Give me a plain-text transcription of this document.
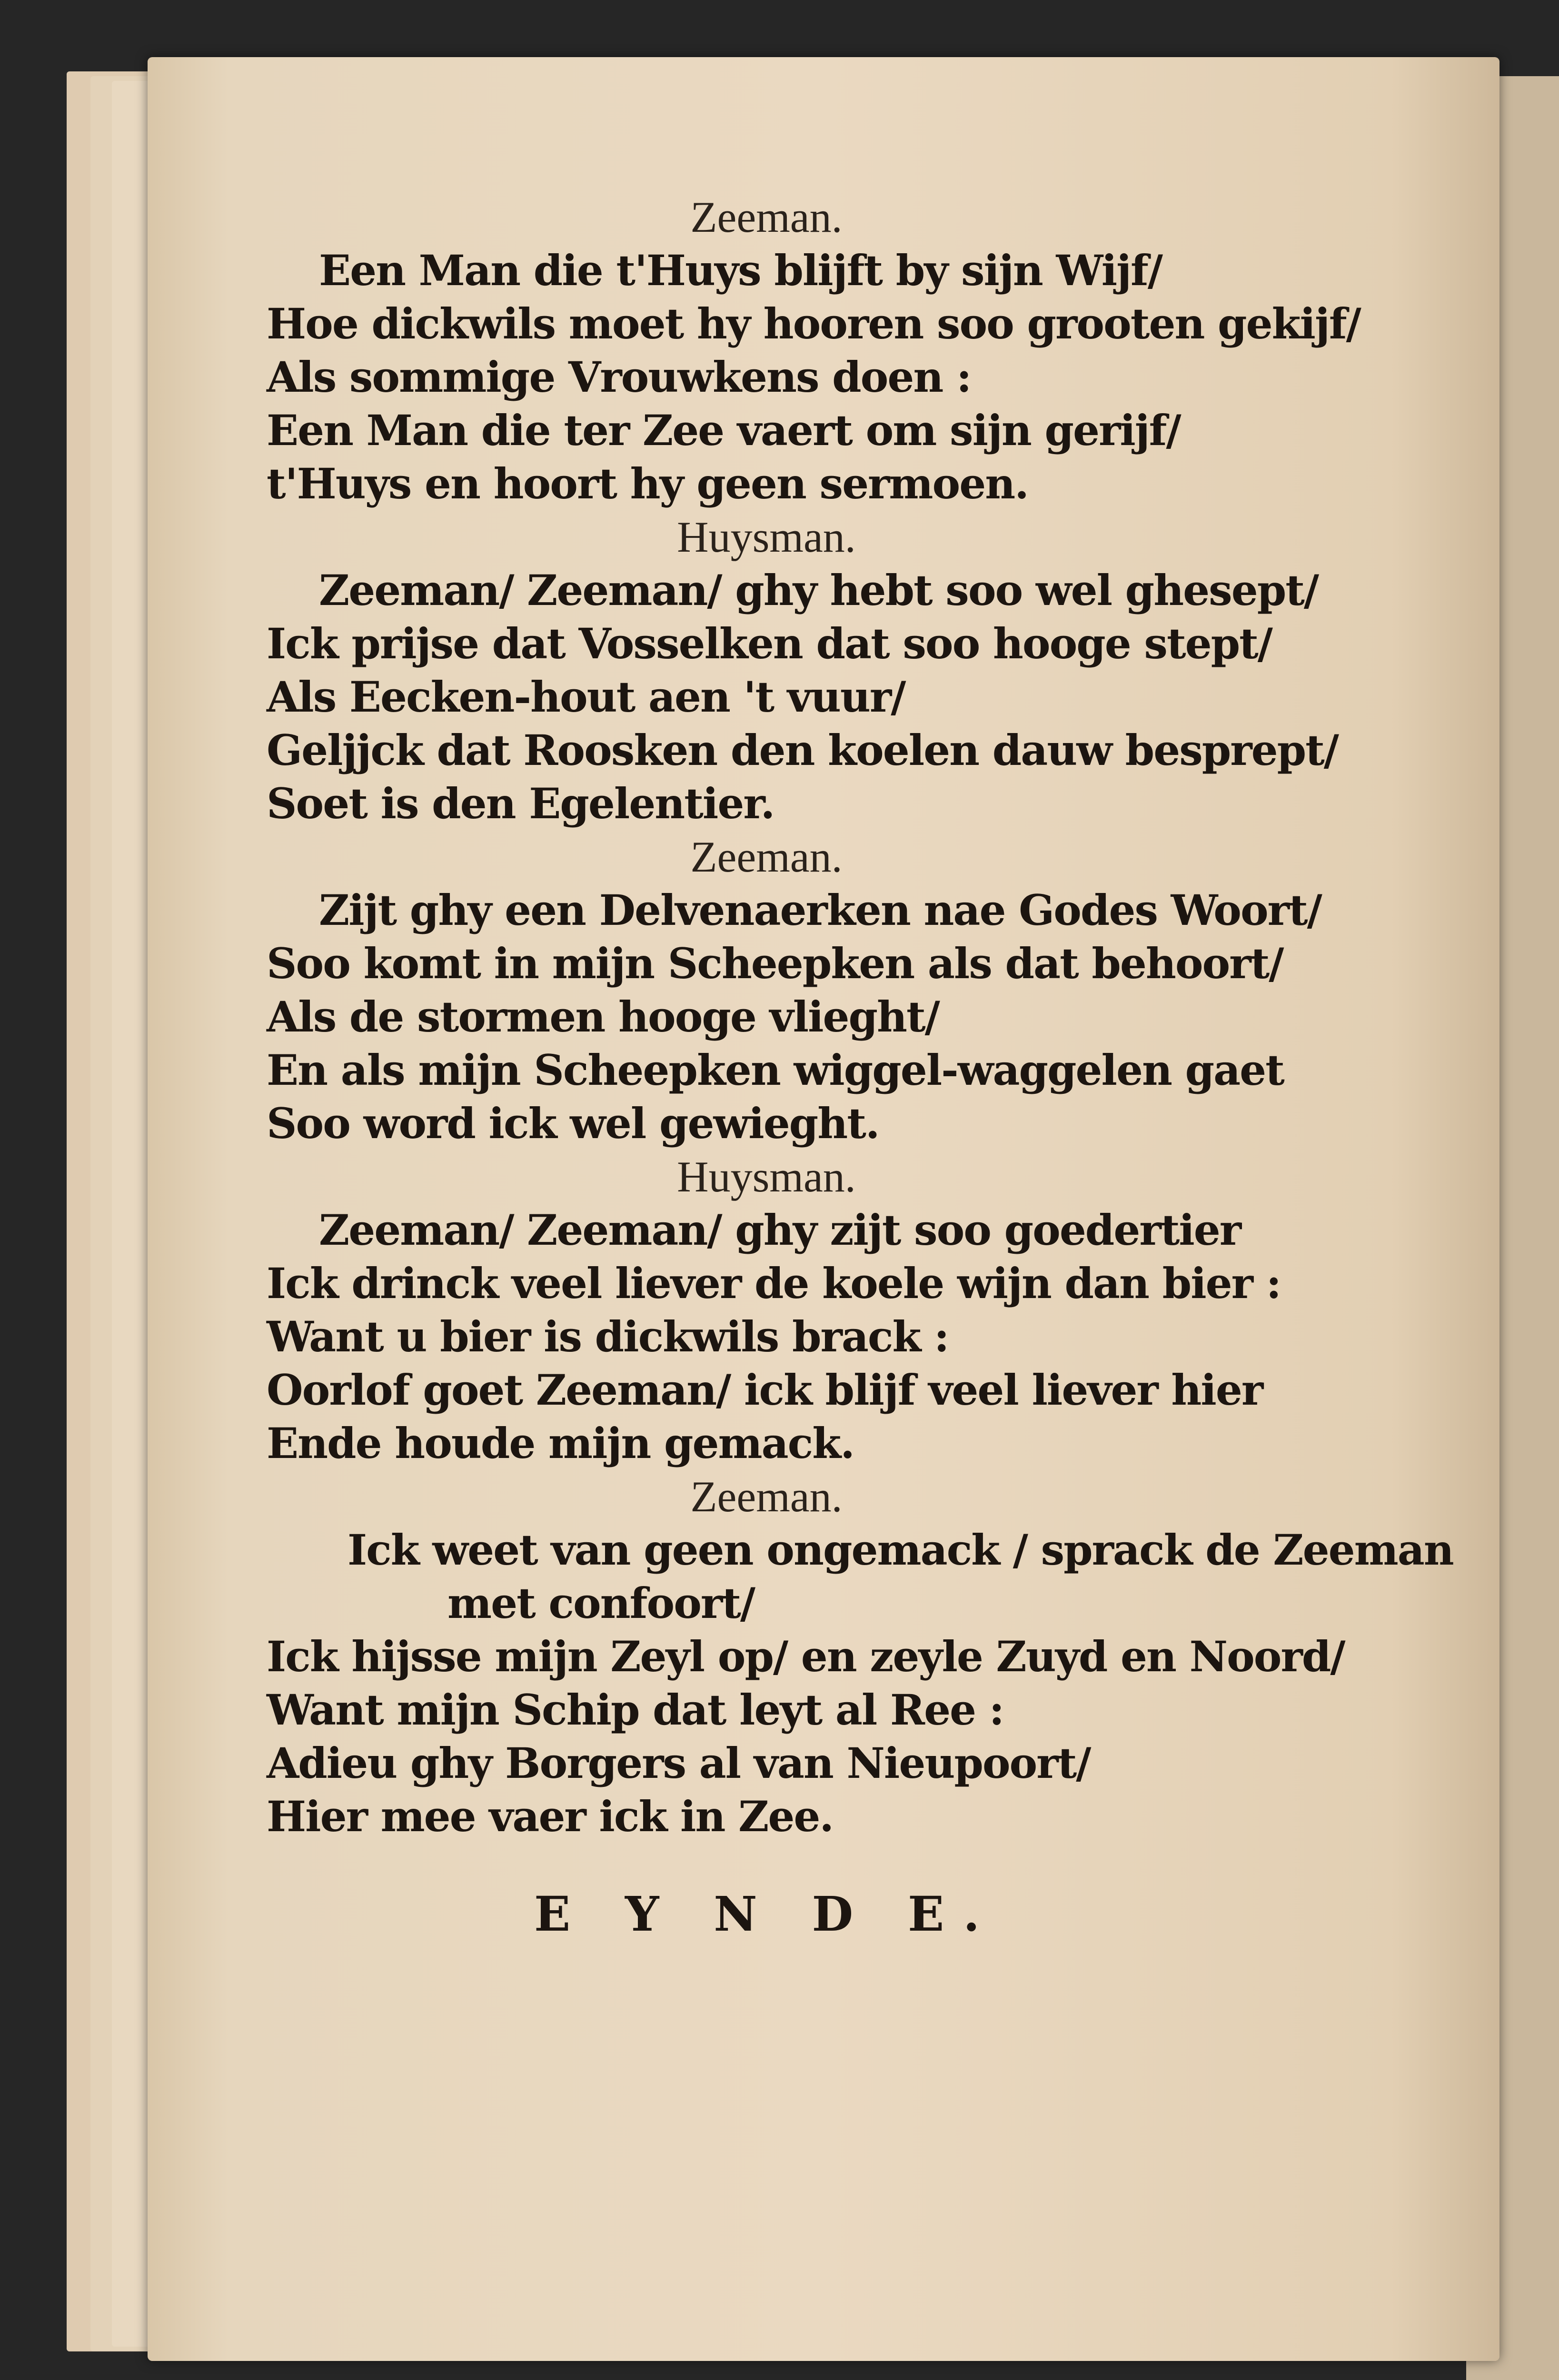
Zeeman.

Een Man die t'Huys blijft by sijn Wijf/

Hoe dickwils moet hy hooren soo grooten gekijf/

Als sommige Vrouwkens doen :

Een Man die ter Zee vaert om sijn gerijf/

t'Huys en hoort hy geen sermoen.

Huysman.

Zeeman/ Zeeman/ ghy hebt soo wel ghesept/

Ick prijse dat Vosselken dat soo hooge stept/

Als Eecken-hout aen 't vuur/

Geljjck dat Roosken den koelen dauw besprept/

Soet is den Egelentier.

Zeeman.

Zijt ghy een Delvenaerken nae Godes Woort/

Soo komt in mijn Scheepken als dat behoort/

Als de stormen hooge vlieght/

En als mijn Scheepken wiggel-waggelen gaet

Soo word ick wel gewieght.

Huysman.

Zeeman/ Zeeman/ ghy zijt soo goedertier

Ick drinck veel liever de koele wijn dan bier :

Want u bier is dickwils brack :

Oorlof goet Zeeman/ ick blijf veel liever hier

Ende houde mijn gemack.

Zeeman.

Ick weet van geen ongemack / sprack de Zeeman

met confoort/

Ick hijsse mijn Zeyl op/ en zeyle Zuyd en Noord/

Want mijn Schip dat leyt al Ree :

Adieu ghy Borgers al van Nieupoort/

Hier mee vaer ick in Zee.

E Y N D E.
